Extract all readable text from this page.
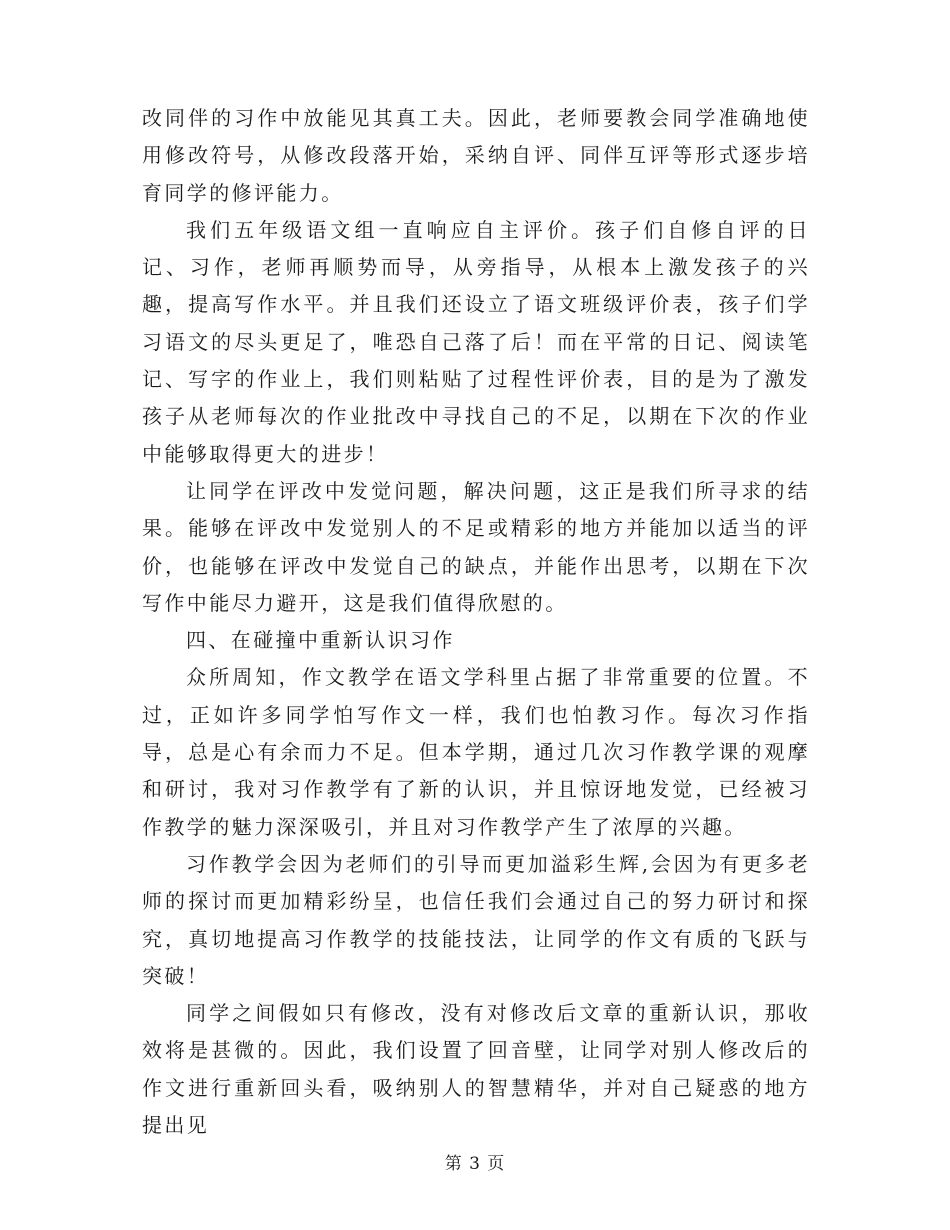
改同伴的习作中放能见其真工夫。因此，老师要教会同学准确地使用修改符号，从修改段落开始，采纳自评、同伴互评等形式逐步培育同学的修评能力。

我们五年级语文组一直响应自主评价。孩子们自修自评的日记、习作，老师再顺势而导，从旁指导，从根本上激发孩子的兴趣，提高写作水平。并且我们还设立了语文班级评价表，孩子们学习语文的尽头更足了，唯恐自己落了后！而在平常的日记、阅读笔记、写字的作业上，我们则粘贴了过程性评价表，目的是为了激发孩子从老师每次的作业批改中寻找自己的不足，以期在下次的作业中能够取得更大的进步！

让同学在评改中发觉问题，解决问题，这正是我们所寻求的结果。能够在评改中发觉别人的不足或精彩的地方并能加以适当的评价，也能够在评改中发觉自己的缺点，并能作出思考，以期在下次写作中能尽力避开，这是我们值得欣慰的。

四、在碰撞中重新认识习作

众所周知，作文教学在语文学科里占据了非常重要的位置。不过，正如许多同学怕写作文一样，我们也怕教习作。每次习作指导，总是心有余而力不足。但本学期，通过几次习作教学课的观摩和研讨，我对习作教学有了新的认识，并且惊讶地发觉，已经被习作教学的魅力深深吸引，并且对习作教学产生了浓厚的兴趣。

习作教学会因为老师们的引导而更加溢彩生辉,会因为有更多老师的探讨而更加精彩纷呈，也信任我们会通过自己的努力研讨和探究，真切地提高习作教学的技能技法，让同学的作文有质的飞跃与突破！

同学之间假如只有修改，没有对修改后文章的重新认识，那收效将是甚微的。因此，我们设置了回音壁，让同学对别人修改后的作文进行重新回头看，吸纳别人的智慧精华，并对自己疑惑的地方提出见

第 3 页
